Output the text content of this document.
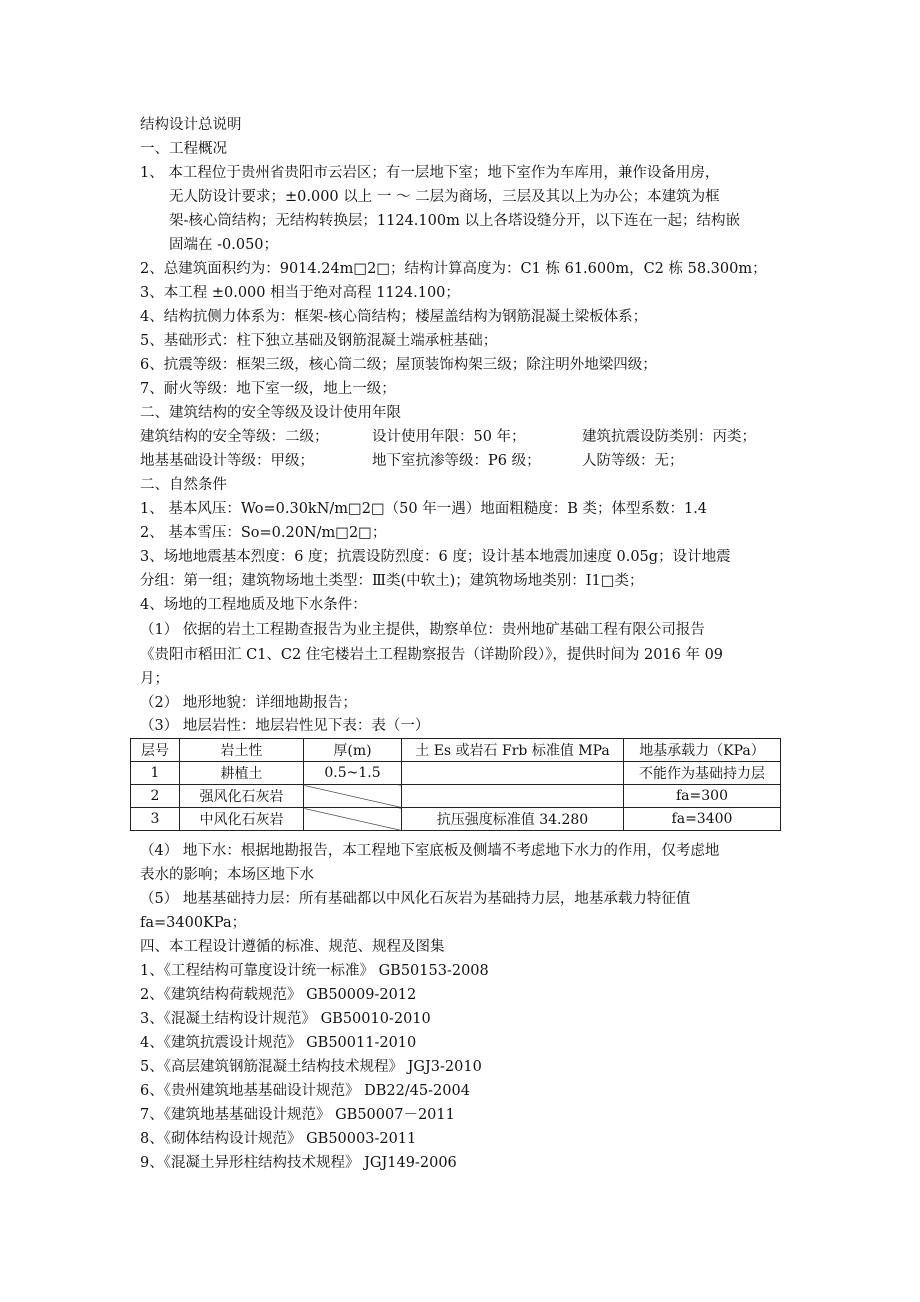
结构设计总说明
一、工程概况
1、 本工程位于贵州省贵阳市云岩区；有一层地下室；地下室作为车库用，兼作设备用房，
无人防设计要求；±0.000 以上 一 ～ 二层为商场，三层及其以上为办公；本建筑为框
架-核心筒结构；无结构转换层；1124.100m 以上各塔设缝分开，以下连在一起；结构嵌
固端在 -0.050；
2、总建筑面积约为：9014.24m□2□；结构计算高度为：C1 栋 61.600m，C2 栋 58.300m；
3、本工程 ±0.000 相当于绝对高程 1124.100；
4、结构抗侧力体系为：框架-核心筒结构；楼屋盖结构为钢筋混凝土梁板体系；
5、基础形式：柱下独立基础及钢筋混凝土端承桩基础；
6、抗震等级：框架三级，核心筒二级；屋顶装饰构架三级；除注明外地梁四级；
7、耐火等级：地下室一级，地上一级；
二、建筑结构的安全等级及设计使用年限
建筑结构的安全等级：二级；	设计使用年限：50 年；	建筑抗震设防类别：丙类；
地基基础设计等级：甲级；	地下室抗渗等级：P6 级；	人防等级：无；
二、自然条件
1、 基本风压：Wo=0.30kN/m□2□（50 年一遇）地面粗糙度：B 类；体型系数：1.4
2、 基本雪压：So=0.20N/m□2□；
3、场地地震基本烈度：6 度；抗震设防烈度：6 度；设计基本地震加速度 0.05g；设计地震
分组：第一组；建筑物场地土类型：Ⅲ类(中软土)；建筑物场地类别：Ⅰ1□类；
4、场地的工程地质及地下水条件：
（1） 依据的岩土工程勘查报告为业主提供，勘察单位：贵州地矿基础工程有限公司报告
《贵阳市稻田汇 C1、C2 住宅楼岩土工程勘察报告（详勘阶段）》，提供时间为 2016 年 09
月；
（2） 地形地貌：详细地勘报告；
（3） 地层岩性：地层岩性见下表：表（一）
层号	岩土性	厚(m)	土 Es 或岩石 Frb 标准值 MPa	地基承载力（KPa）
1	耕植土	0.5~1.5		不能作为基础持力层
2	强风化石灰岩			fa=300
3	中风化石灰岩		抗压强度标准值 34.280	fa=3400
（4） 地下水：根据地勘报告，本工程地下室底板及侧墙不考虑地下水力的作用，仅考虑地
表水的影响；本场区地下水
（5） 地基基础持力层：所有基础都以中风化石灰岩为基础持力层，地基承载力特征值
fa=3400KPa；
四、本工程设计遵循的标准、规范、规程及图集
1、《工程结构可靠度设计统一标准》 GB50153-2008
2、《建筑结构荷载规范》 GB50009-2012
3、《混凝土结构设计规范》 GB50010-2010
4、《建筑抗震设计规范》 GB50011-2010
5、《高层建筑钢筋混凝土结构技术规程》 JGJ3-2010
6、《贵州建筑地基基础设计规范》 DB22/45-2004
7、《建筑地基基础设计规范》 GB50007－2011
8、《砌体结构设计规范》 GB50003-2011
9、《混凝土异形柱结构技术规程》 JGJ149-2006
